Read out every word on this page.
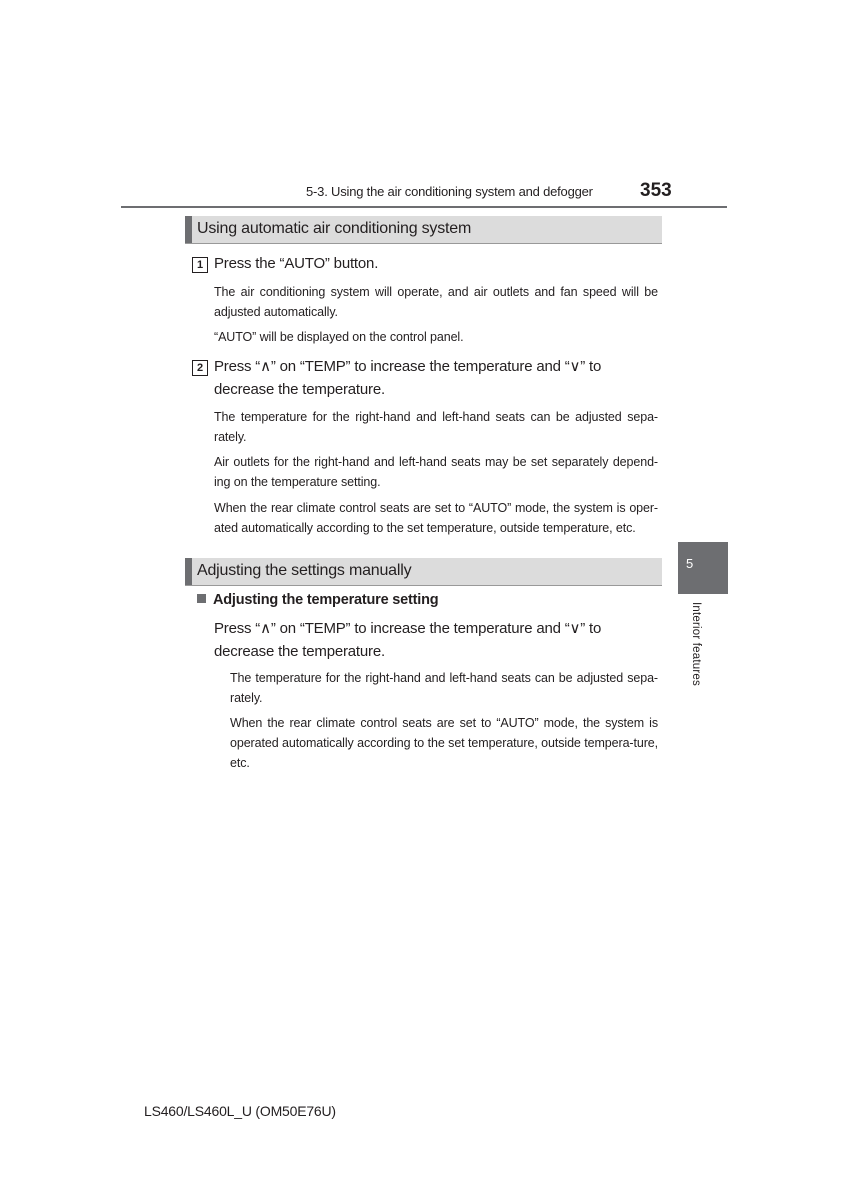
5-3. Using the air conditioning system and defogger 353
Using automatic air conditioning system
1 Press the “AUTO” button.
The air conditioning system will operate, and air outlets and fan speed will be adjusted automatically.
“AUTO” will be displayed on the control panel.
2 Press “∧” on “TEMP” to increase the temperature and “∨” to decrease the temperature.
The temperature for the right-hand and left-hand seats can be adjusted sepa-rately.
Air outlets for the right-hand and left-hand seats may be set separately depend-ing on the temperature setting.
When the rear climate control seats are set to “AUTO” mode, the system is oper-ated automatically according to the set temperature, outside temperature, etc.
Adjusting the settings manually
Adjusting the temperature setting
Press “∧” on “TEMP” to increase the temperature and “∨” to decrease the temperature.
The temperature for the right-hand and left-hand seats can be adjusted sepa-rately.
When the rear climate control seats are set to “AUTO” mode, the system is operated automatically according to the set temperature, outside tempera-ture, etc.
5
Interior features
LS460/LS460L_U (OM50E76U)
